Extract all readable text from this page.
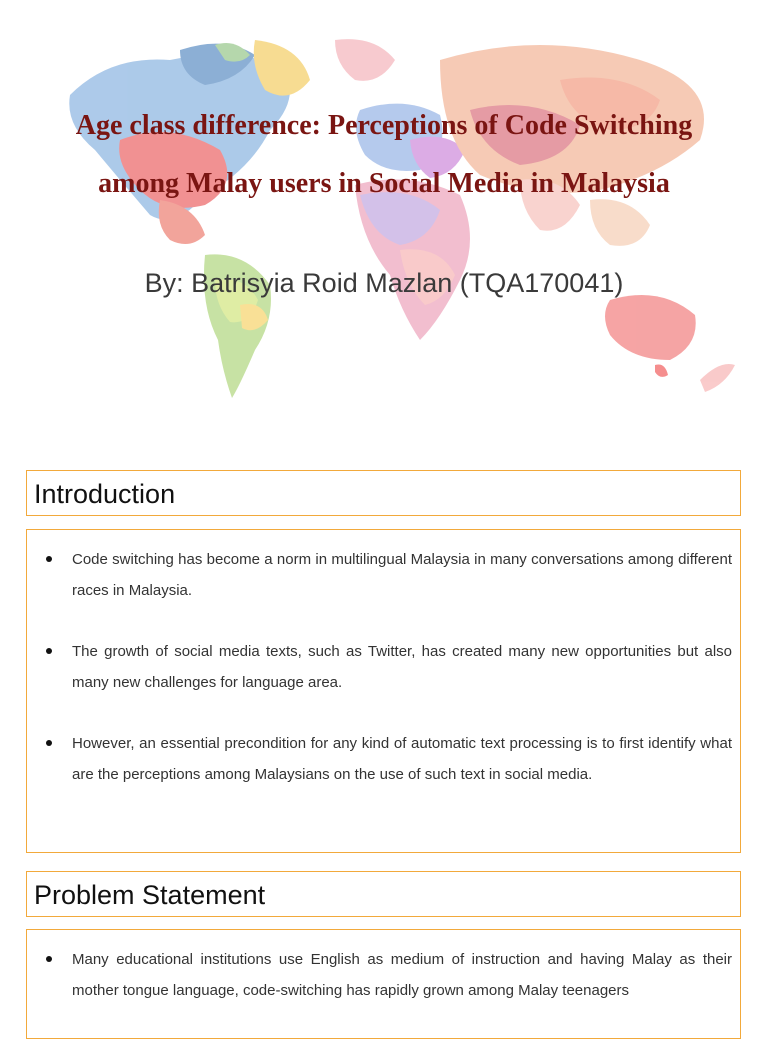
Age class difference: Perceptions of Code Switching among Malay users in Social Media in Malaysia
By: Batrisyia Roid Mazlan (TQA170041)
Introduction
Code switching has become a norm in multilingual Malaysia in many conversations among different races in Malaysia.
The growth of social media texts, such as Twitter, has created many new opportunities but also many new challenges for language area.
However, an essential precondition for any kind of automatic text processing is to first identify what are the perceptions among Malaysians on the use of such text in social media.
Problem Statement
Many educational institutions use English as medium of instruction and having Malay as their mother tongue language, code-switching has rapidly grown among Malay teenagers
